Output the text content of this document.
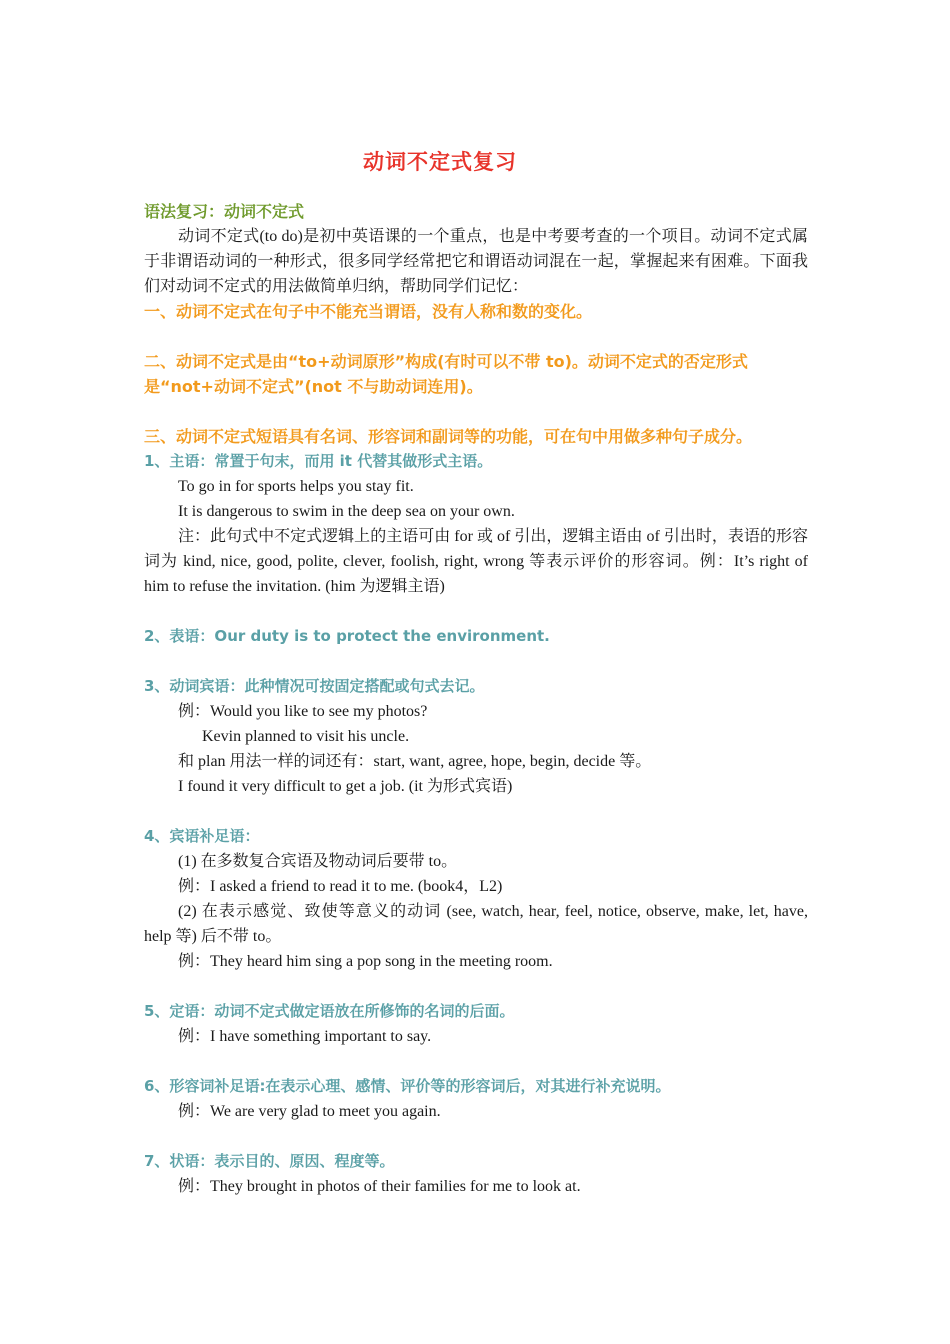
动词不定式复习
语法复习：动词不定式
动词不定式(to do)是初中英语课的一个重点，也是中考要考查的一个项目。动词不定式属于非谓语动词的一种形式，很多同学经常把它和谓语动词混在一起，掌握起来有困难。下面我们对动词不定式的用法做简单归纳，帮助同学们记忆：
一、动词不定式在句子中不能充当谓语，没有人称和数的变化。
二、动词不定式是由“to+动词原形”构成(有时可以不带 to)。动词不定式的否定形式是“not+动词不定式”(not 不与助动词连用)。
三、动词不定式短语具有名词、形容词和副词等的功能，可在句中用做多种句子成分。
1、主语：常置于句末，而用 it 代替其做形式主语。
To go in for sports helps you stay fit.
It is dangerous to swim in the deep sea on your own.
注：此句式中不定式逻辑上的主语可由 for 或 of 引出，逻辑主语由 of 引出时，表语的形容词为 kind, nice, good, polite, clever, foolish, right, wrong 等表示评价的形容词。例：It’s right of him to refuse the invitation. (him 为逻辑主语)
2、表语：Our duty is to protect the environment.
3、动词宾语：此种情况可按固定搭配或句式去记。
例：Would you like to see my photos?
Kevin planned to visit his uncle.
和 plan 用法一样的词还有：start, want, agree, hope, begin, decide 等。
I found it very difficult to get a job. (it 为形式宾语)
4、宾语补足语：
(1) 在多数复合宾语及物动词后要带 to。
例：I asked a friend to read it to me. (book4，L2)
(2) 在表示感觉、致使等意义的动词 (see, watch, hear, feel, notice, observe, make, let, have, help 等) 后不带 to。
例：They heard him sing a pop song in the meeting room.
5、定语：动词不定式做定语放在所修饰的名词的后面。
例：I have something important to say.
6、形容词补足语:在表示心理、感情、评价等的形容词后，对其进行补充说明。
例：We are very glad to meet you again.
7、状语：表示目的、原因、程度等。
例：They brought in photos of their families for me to look at.
